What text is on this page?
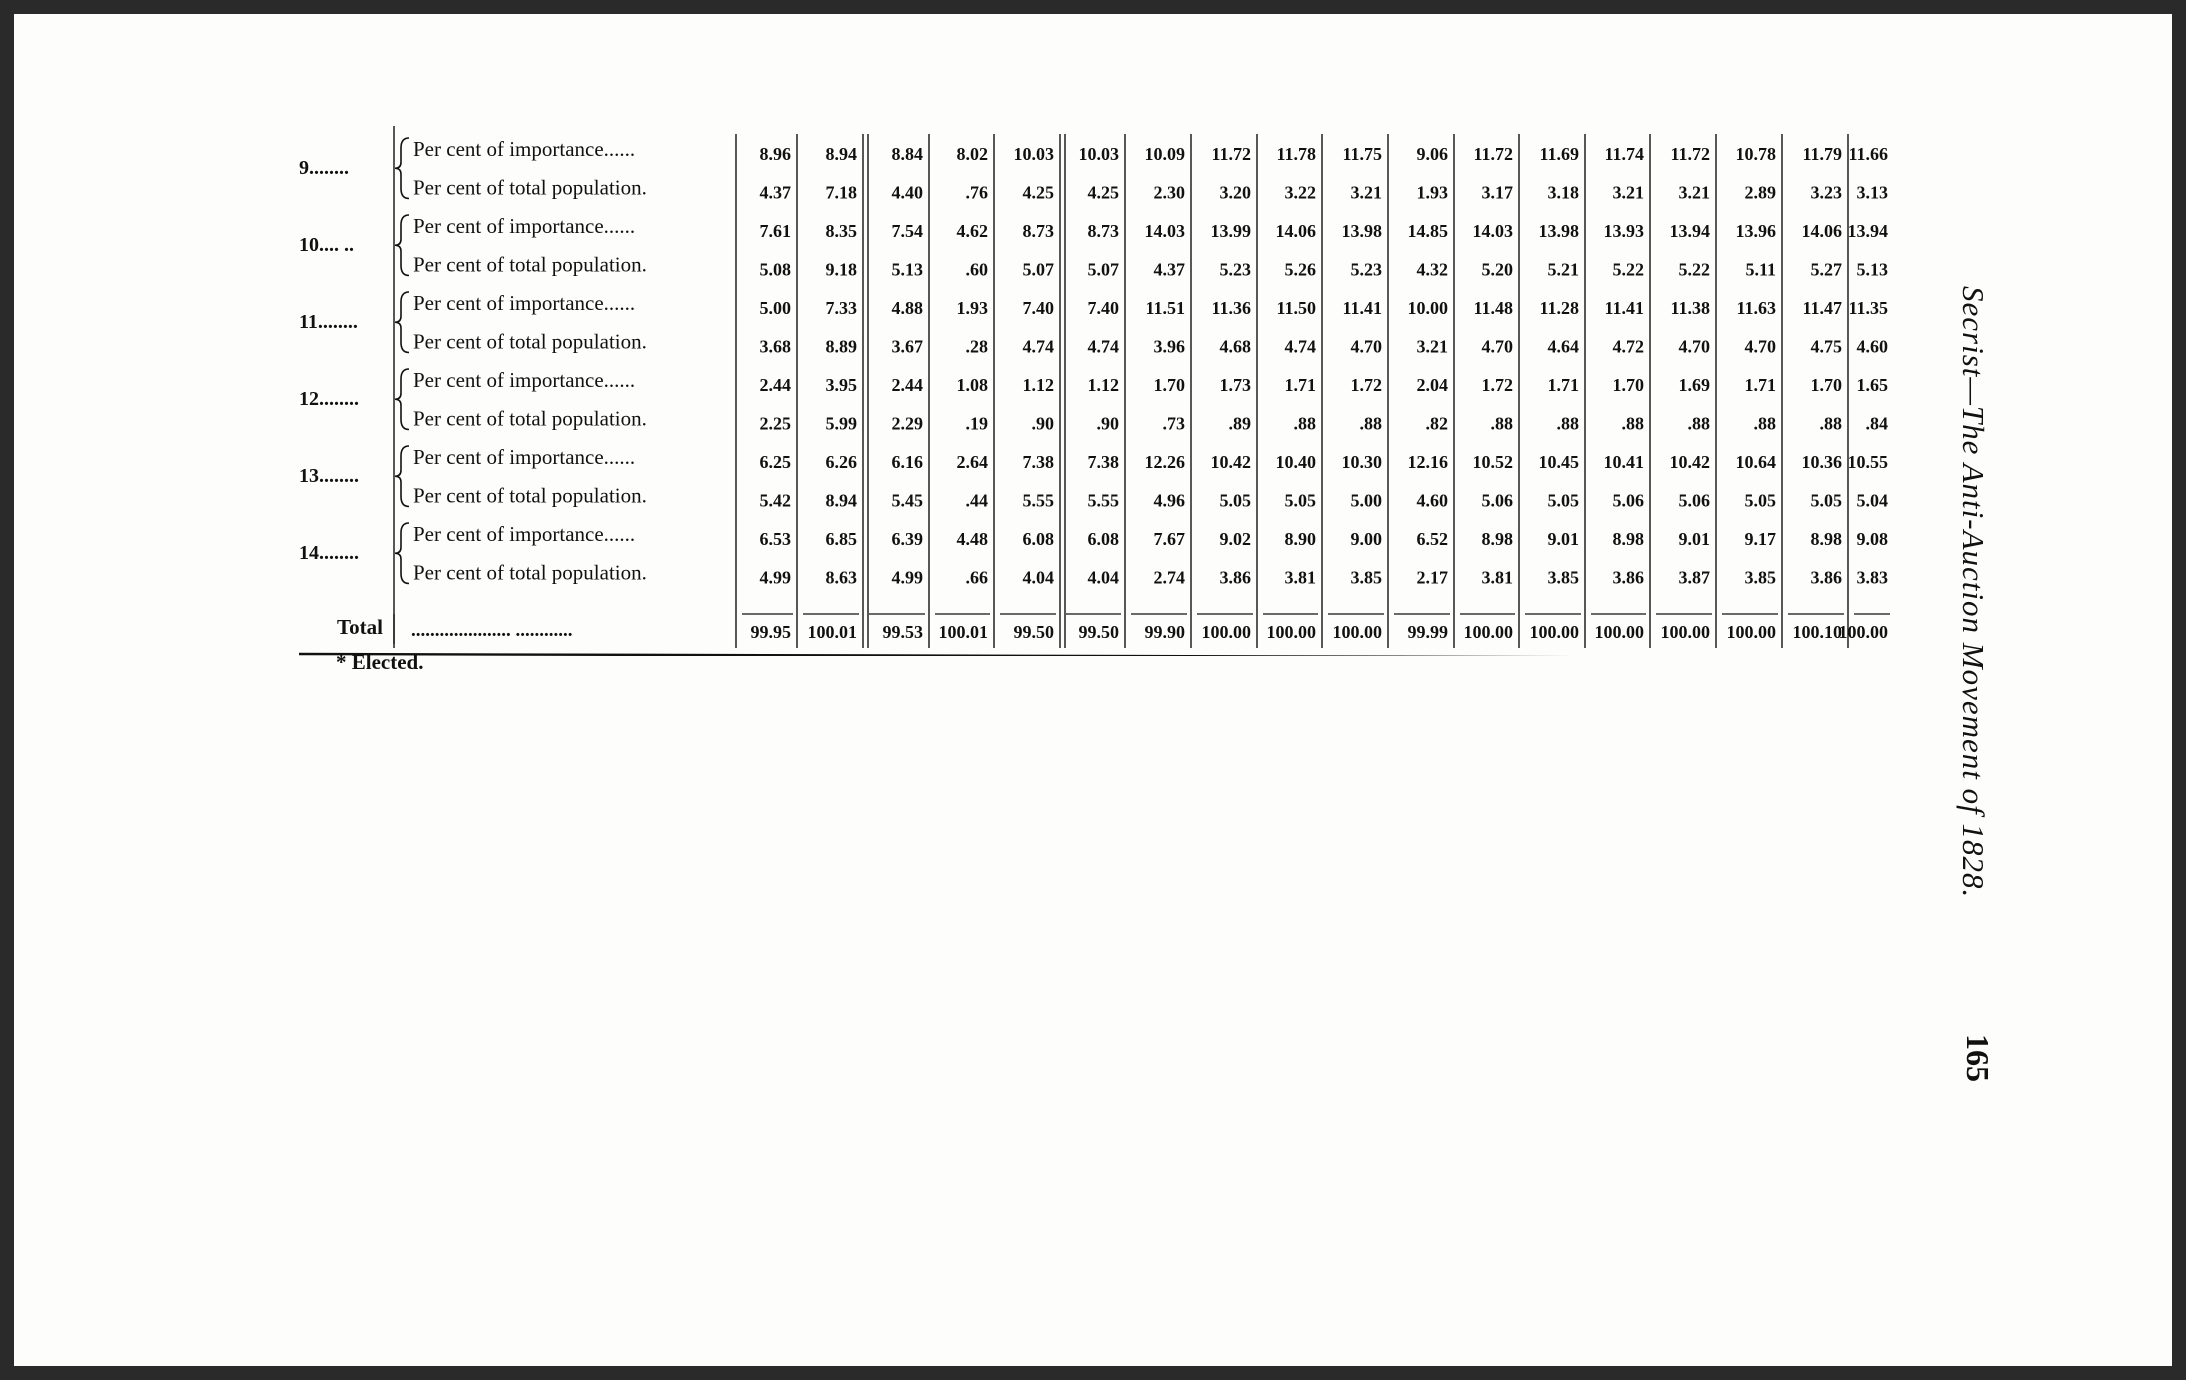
9........
Per cent of importance......
Per cent of total population.
8.96
4.37
8.94
7.18
8.84
4.40
8.02
.76
10.03
4.25
10.03
4.25
10.09
2.30
11.72
3.20
11.78
3.22
11.75
3.21
9.06
1.93
11.72
3.17
11.69
3.18
11.74
3.21
11.72
3.21
10.78
2.89
11.79
3.23
11.66
3.13
10.... ..
Per cent of importance......
Per cent of total population.
7.61
5.08
8.35
9.18
7.54
5.13
4.62
.60
8.73
5.07
8.73
5.07
14.03
4.37
13.99
5.23
14.06
5.26
13.98
5.23
14.85
4.32
14.03
5.20
13.98
5.21
13.93
5.22
13.94
5.22
13.96
5.11
14.06
5.27
13.94
5.13
11........
Per cent of importance......
Per cent of total population.
5.00
3.68
7.33
8.89
4.88
3.67
1.93
.28
7.40
4.74
7.40
4.74
11.51
3.96
11.36
4.68
11.50
4.74
11.41
4.70
10.00
3.21
11.48
4.70
11.28
4.64
11.41
4.72
11.38
4.70
11.63
4.70
11.47
4.75
11.35
4.60
12........
Per cent of importance......
Per cent of total population.
2.44
2.25
3.95
5.99
2.44
2.29
1.08
.19
1.12
.90
1.12
.90
1.70
.73
1.73
.89
1.71
.88
1.72
.88
2.04
.82
1.72
.88
1.71
.88
1.70
.88
1.69
.88
1.71
.88
1.70
.88
1.65
.84
13........
Per cent of importance......
Per cent of total population.
6.25
5.42
6.26
8.94
6.16
5.45
2.64
.44
7.38
5.55
7.38
5.55
12.26
4.96
10.42
5.05
10.40
5.05
10.30
5.00
12.16
4.60
10.52
5.06
10.45
5.05
10.41
5.06
10.42
5.06
10.64
5.05
10.36
5.05
10.55
5.04
14........
Per cent of importance......
Per cent of total population.
6.53
4.99
6.85
8.63
6.39
4.99
4.48
.66
6.08
4.04
6.08
4.04
7.67
2.74
9.02
3.86
8.90
3.81
9.00
3.85
6.52
2.17
8.98
3.81
9.01
3.85
8.98
3.86
9.01
3.87
9.17
3.85
8.98
3.86
9.08
3.83
Total ..................... ............	99.95 100.01 99.53 100.01 99.50 99.50 99.90 100.00 100.00 100.00 99.99 100.00 100.00 100.00 100.00 100.00 100.10
100.00
* Elected.	Secrist—The Anti-Auction Movement of 1828.
165
